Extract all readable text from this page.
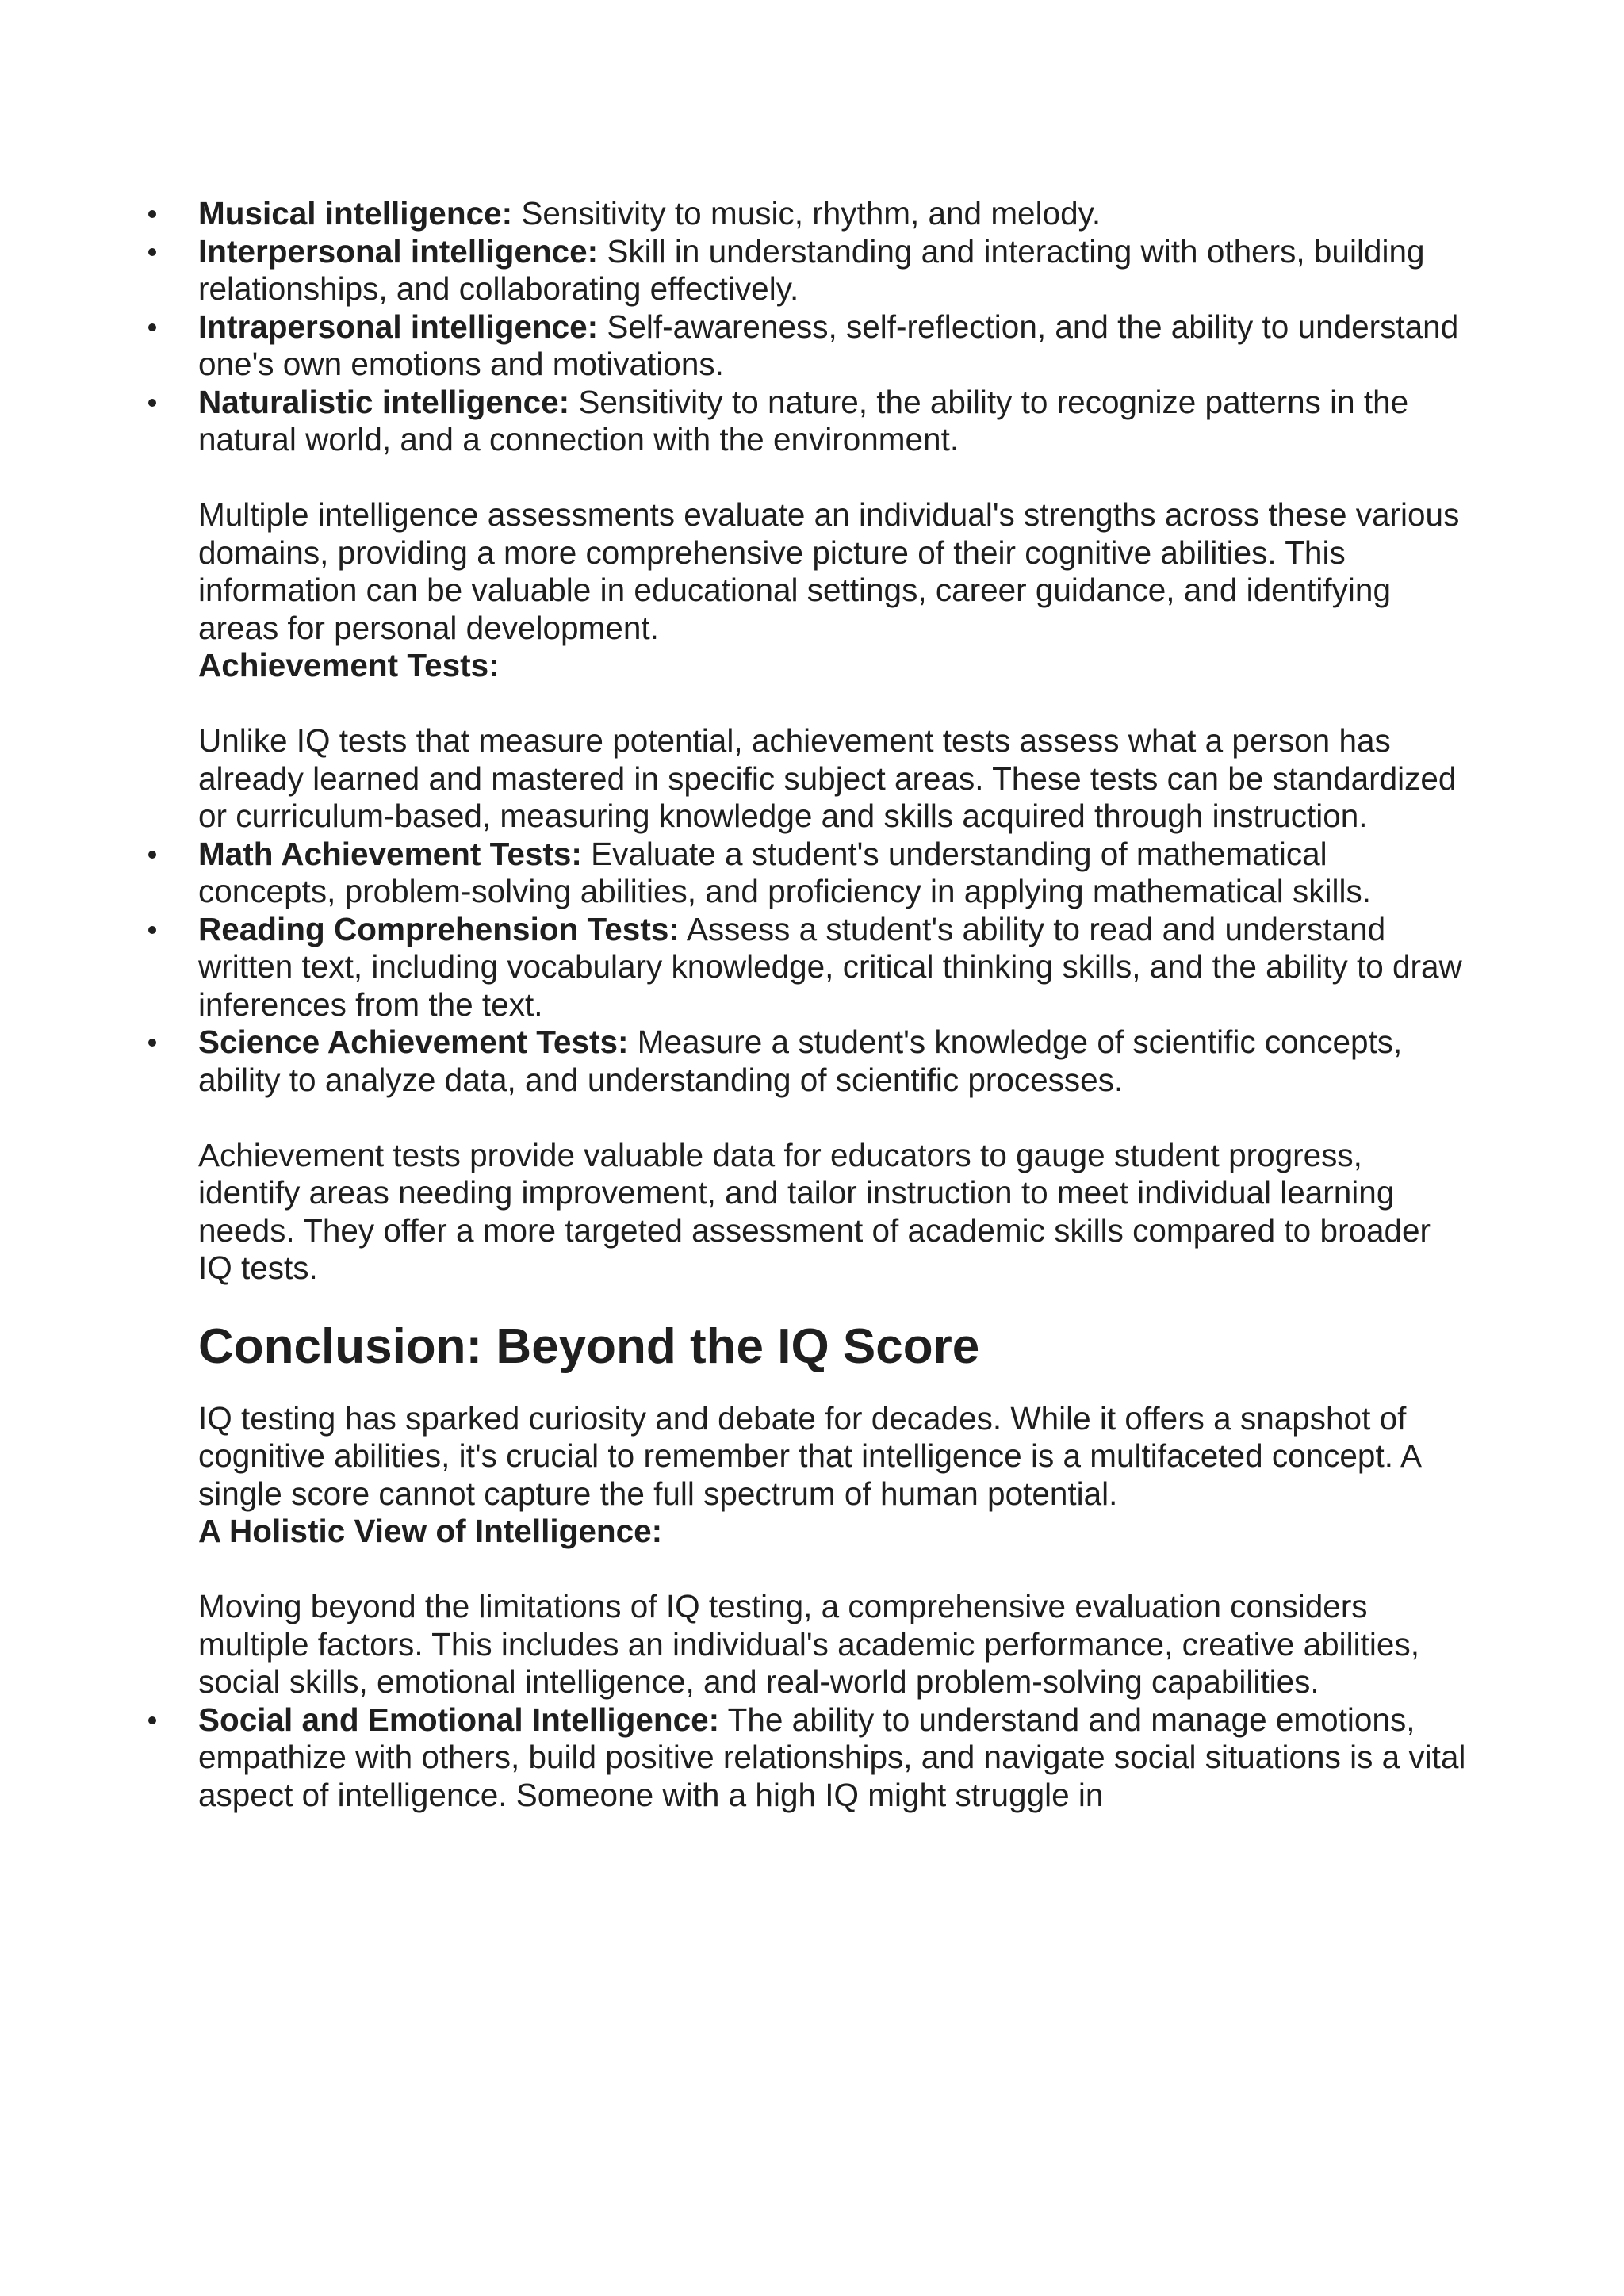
Musical intelligence: Sensitivity to music, rhythm, and melody.
Interpersonal intelligence: Skill in understanding and interacting with others, building relationships, and collaborating effectively.
Intrapersonal intelligence: Self-awareness, self-reflection, and the ability to understand one's own emotions and motivations.
Naturalistic intelligence: Sensitivity to nature, the ability to recognize patterns in the natural world, and a connection with the environment.

Multiple intelligence assessments evaluate an individual's strengths across these various domains, providing a more comprehensive picture of their cognitive abilities. This information can be valuable in educational settings, career guidance, and identifying areas for personal development.

Achievement Tests:

Unlike IQ tests that measure potential, achievement tests assess what a person has already learned and mastered in specific subject areas. These tests can be standardized or curriculum-based, measuring knowledge and skills acquired through instruction.

Math Achievement Tests: Evaluate a student's understanding of mathematical concepts, problem-solving abilities, and proficiency in applying mathematical skills.
Reading Comprehension Tests: Assess a student's ability to read and understand written text, including vocabulary knowledge, critical thinking skills, and the ability to draw inferences from the text.
Science Achievement Tests: Measure a student's knowledge of scientific concepts, ability to analyze data, and understanding of scientific processes.

Achievement tests provide valuable data for educators to gauge student progress, identify areas needing improvement, and tailor instruction to meet individual learning needs. They offer a more targeted assessment of academic skills compared to broader IQ tests.

Conclusion: Beyond the IQ Score

IQ testing has sparked curiosity and debate for decades. While it offers a snapshot of cognitive abilities, it's crucial to remember that intelligence is a multifaceted concept. A single score cannot capture the full spectrum of human potential.

A Holistic View of Intelligence:

Moving beyond the limitations of IQ testing, a comprehensive evaluation considers multiple factors. This includes an individual's academic performance, creative abilities, social skills, emotional intelligence, and real-world problem-solving capabilities.

Social and Emotional Intelligence: The ability to understand and manage emotions, empathize with others, build positive relationships, and navigate social situations is a vital aspect of intelligence. Someone with a high IQ might struggle in
